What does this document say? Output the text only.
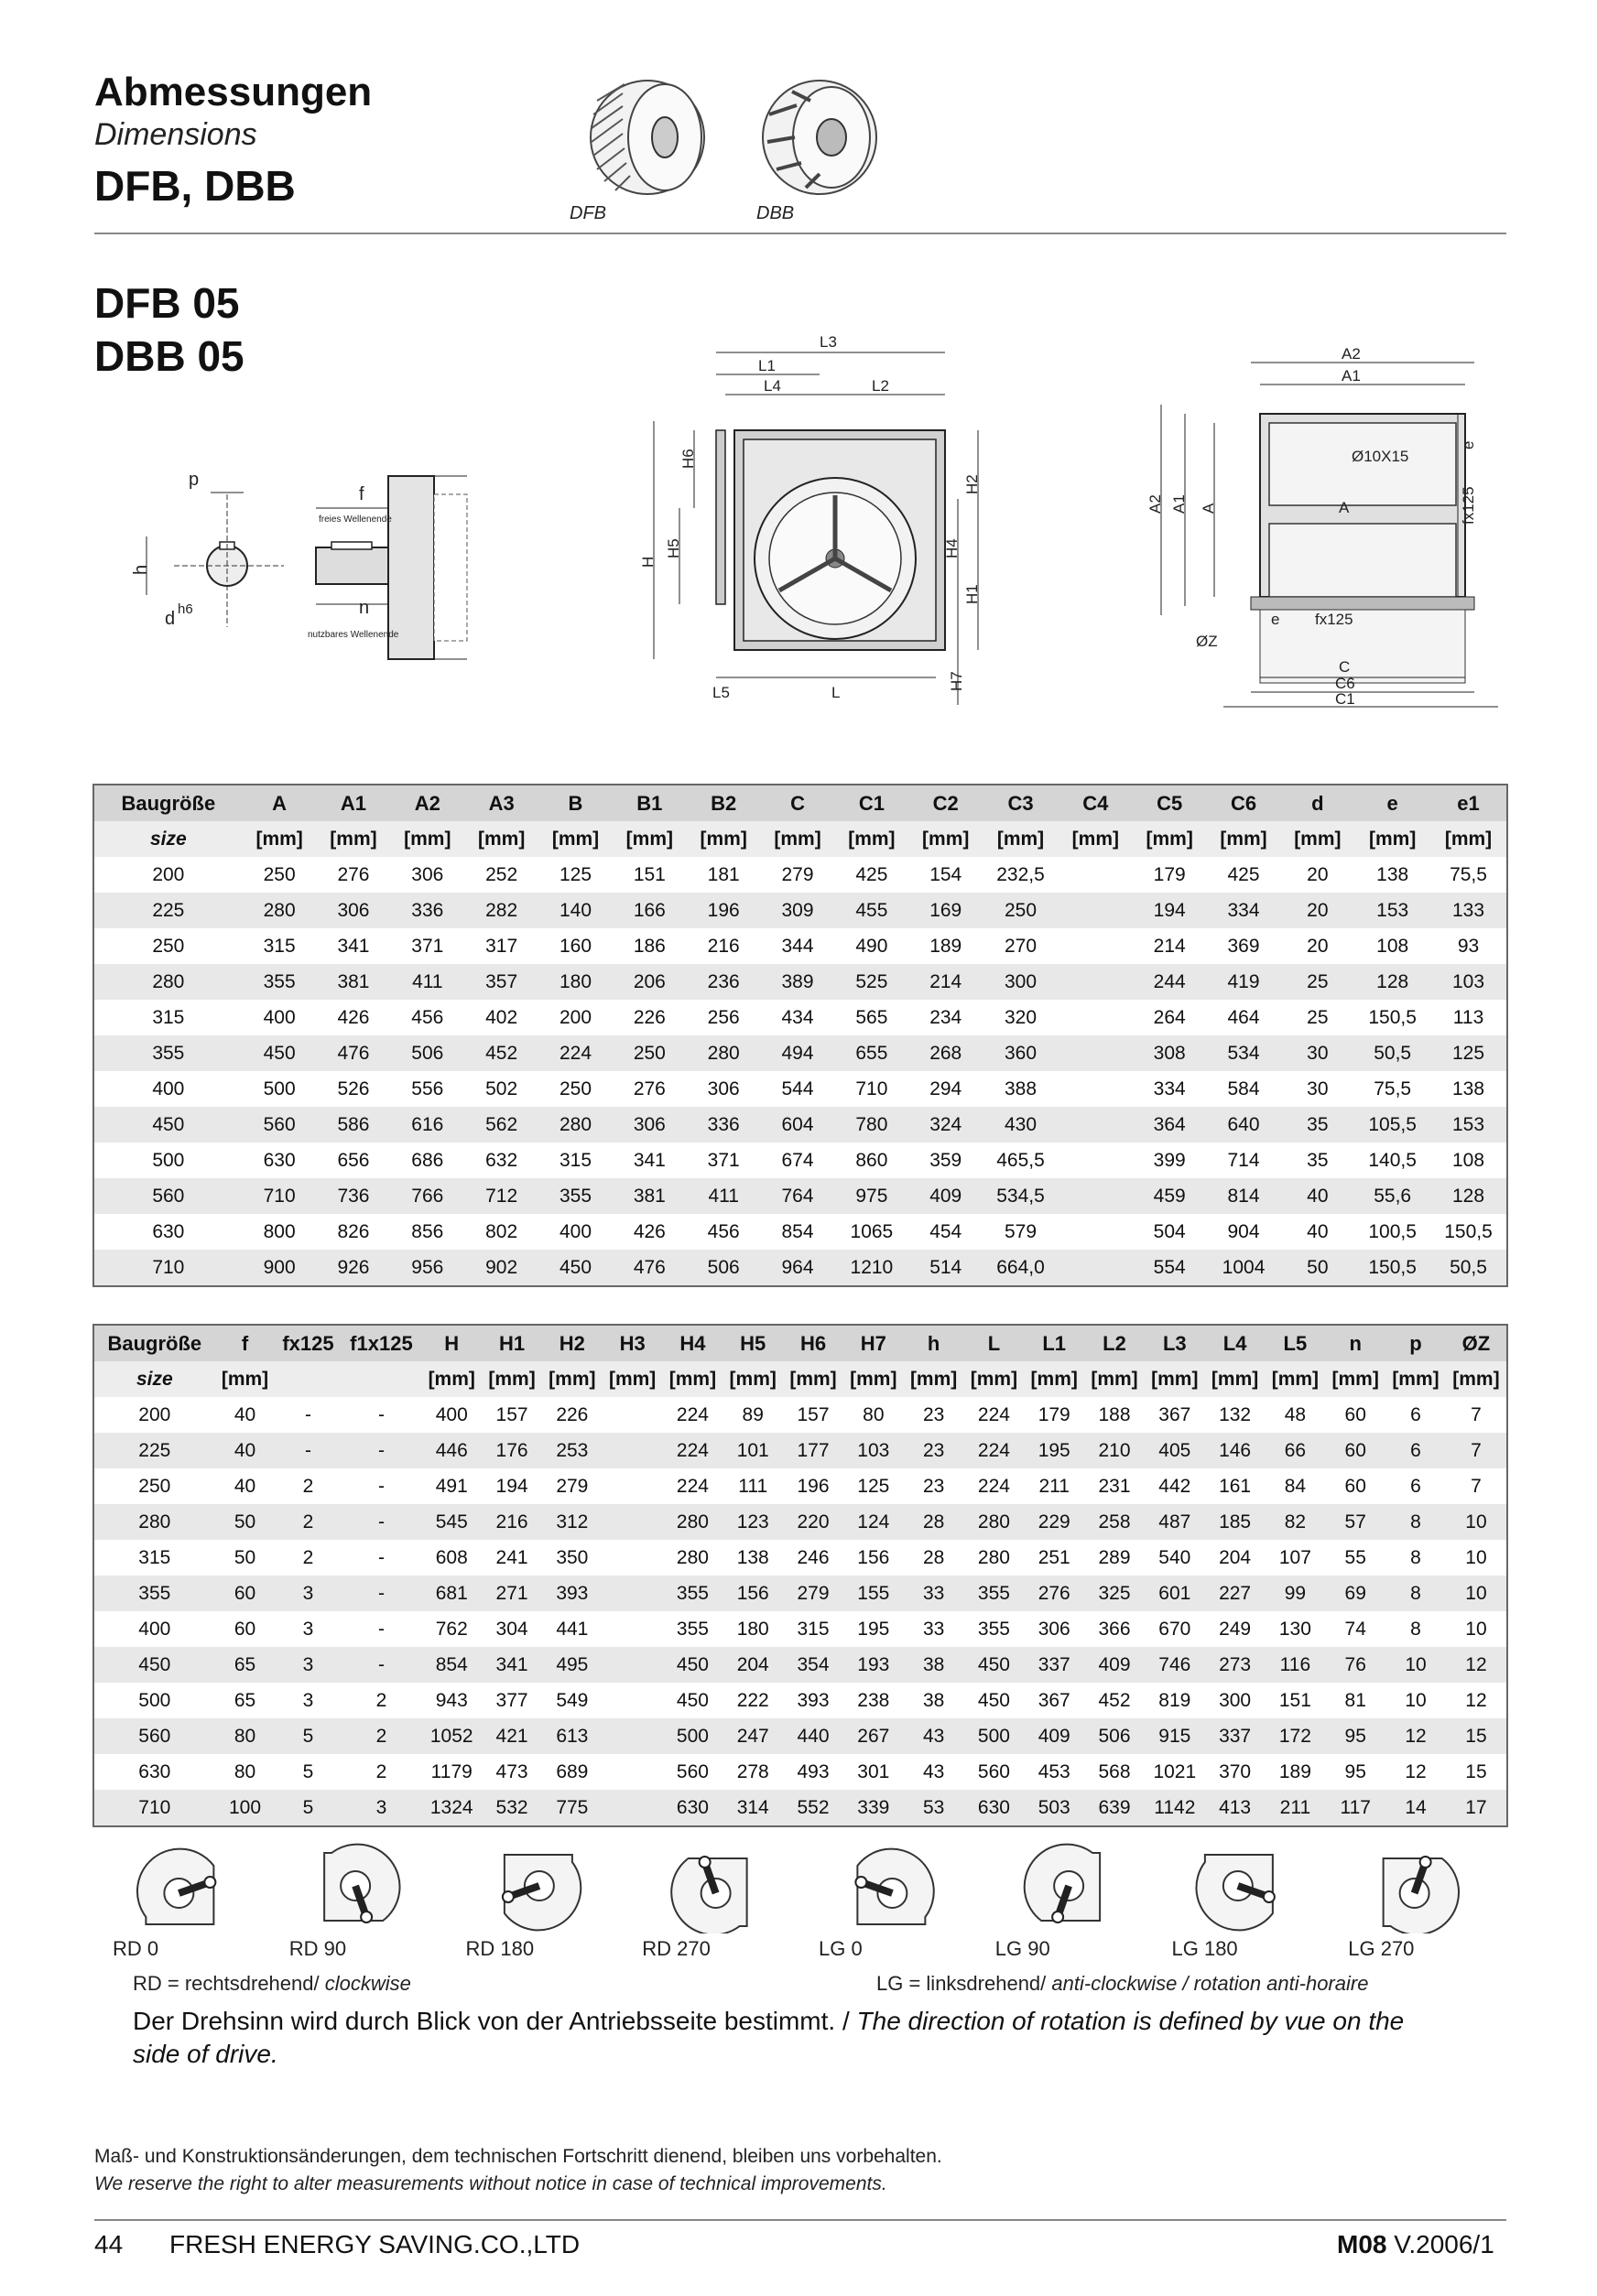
Abmessungen
Dimensions
DFB, DBB
DFB	DBB
DFB 05
DBB 05
p
h
d h6
f
freies Wellenende
n
nutzbares Wellenende
L3
L1
L4	L2
H
H5
H6
H2
H4
H1
H7
L5	L
A2
A1
Ø10X15
A
e fx125
ØZ
A2 A1 A
e
fx125
C
C6
C1
Baugröße	A	A1	A2	A3	B	B1	B2	C	C1	C2	C3	C4	C5	C6	d	e	e1
size	[mm]	[mm]	[mm]	[mm]	[mm]	[mm]	[mm]	[mm]	[mm]	[mm]	[mm]	[mm]	[mm]	[mm]	[mm]	[mm]	[mm]
200	250	276	306	252	125	151	181	279	425	154	232,5		179	425	20	138	75,5
225	280	306	336	282	140	166	196	309	455	169	250		194	334	20	153	133
250	315	341	371	317	160	186	216	344	490	189	270		214	369	20	108	93
280	355	381	411	357	180	206	236	389	525	214	300		244	419	25	128	103
315	400	426	456	402	200	226	256	434	565	234	320		264	464	25	150,5	113
355	450	476	506	452	224	250	280	494	655	268	360		308	534	30	50,5	125
400	500	526	556	502	250	276	306	544	710	294	388		334	584	30	75,5	138
450	560	586	616	562	280	306	336	604	780	324	430		364	640	35	105,5	153
500	630	656	686	632	315	341	371	674	860	359	465,5		399	714	35	140,5	108
560	710	736	766	712	355	381	411	764	975	409	534,5		459	814	40	55,6	128
630	800	826	856	802	400	426	456	854	1065	454	579		504	904	40	100,5	150,5
710	900	926	956	902	450	476	506	964	1210	514	664,0		554	1004	50	150,5	50,5
Baugröße	f	fx125	f1x125	H	H1	H2	H3	H4	H5	H6	H7	h	L	L1	L2	L3	L4	L5	n	p	ØZ
size	[mm]			[mm]	[mm]	[mm]	[mm]	[mm]	[mm]	[mm]	[mm]	[mm]	[mm]	[mm]	[mm]	[mm]	[mm]	[mm]	[mm]	[mm]	[mm]
200	40	-	-	400	157	226		224	89	157	80	23	224	179	188	367	132	48	60	6	7
225	40	-	-	446	176	253		224	101	177	103	23	224	195	210	405	146	66	60	6	7
250	40	2	-	491	194	279		224	111	196	125	23	224	211	231	442	161	84	60	6	7
280	50	2	-	545	216	312		280	123	220	124	28	280	229	258	487	185	82	57	8	10
315	50	2	-	608	241	350		280	138	246	156	28	280	251	289	540	204	107	55	8	10
355	60	3	-	681	271	393		355	156	279	155	33	355	276	325	601	227	99	69	8	10
400	60	3	-	762	304	441		355	180	315	195	33	355	306	366	670	249	130	74	8	10
450	65	3	-	854	341	495		450	204	354	193	38	450	337	409	746	273	116	76	10	12
500	65	3	2	943	377	549		450	222	393	238	38	450	367	452	819	300	151	81	10	12
560	80	5	2	1052	421	613		500	247	440	267	43	500	409	506	915	337	172	95	12	15
630	80	5	2	1179	473	689		560	278	493	301	43	560	453	568	1021	370	189	95	12	15
710	100	5	3	1324	532	775		630	314	552	339	53	630	503	639	1142	413	211	117	14	17
RD 0	RD 90	RD 180	RD 270	LG 0	LG 90	LG 180	LG 270
RD = rechtsdrehend/ clockwise	LG = linksdrehend/ anti-clockwise / rotation anti-horaire
Der Drehsinn wird durch Blick von der Antriebsseite bestimmt. / The direction of rotation is defined by vue on the side of drive.
Maß- und Konstruktionsänderungen, dem technischen Fortschritt dienend, bleiben uns vorbehalten.
We reserve the right to alter measurements without notice in case of technical improvements.
44 FRESH ENERGY SAVING.CO.,LTD	M08 V.2006/1
